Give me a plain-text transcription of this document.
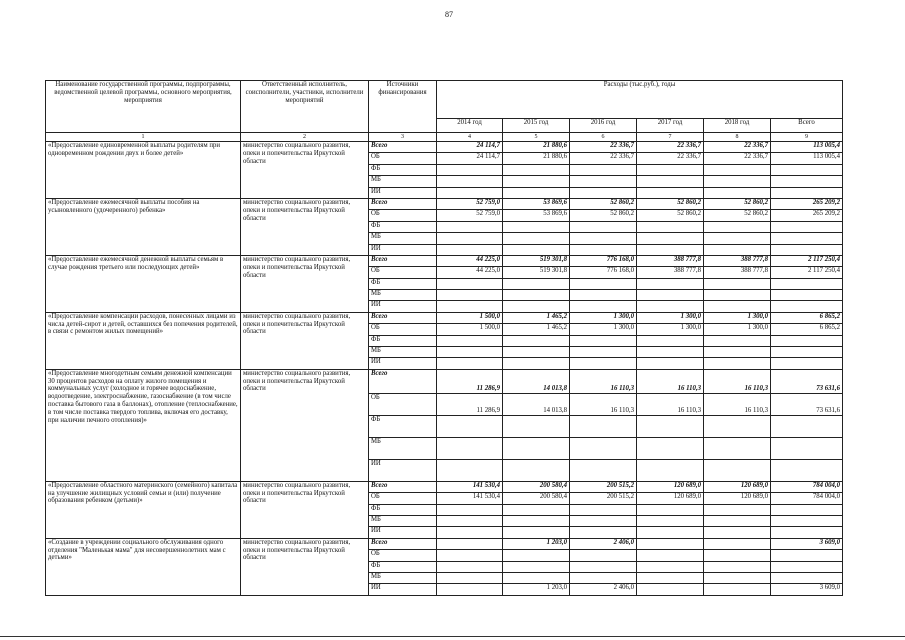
87
Наименование государственной программы, подпрограммы, ведомственной целевой программы, основного мероприятия, мероприятия	Ответственный исполнитель, соисполнители, участники, исполнители мероприятий	Источники финансирования	Расходы (тыс.руб.), годы					
			2014 год	2015 год	2016 год	2017 год	2018 год	Всего
1	2	3	4	5	6	7	8	9
«Предоставление единовременной выплаты родителям при одновременном рождении двух и более детей»	министерство социального развития, опеки и попечительства Иркутской области	Всего	24 114,7	21 880,6	22 336,7	22 336,7	22 336,7	113 005,4
		ОБ	24 114,7	21 880,6	22 336,7	22 336,7	22 336,7	113 005,4
		ФБ						
		МБ						
		ИИ						
«Предоставление ежемесячной выплаты пособия на усыновленного (удочеренного) ребенка»	министерство социального развития, опеки и попечительства Иркутской области	Всего	52 759,0	53 869,6	52 860,2	52 860,2	52 860,2	265 209,2
		ОБ	52 759,0	53 869,6	52 860,2	52 860,2	52 860,2	265 209,2
		ФБ						
		МБ						
		ИИ						
«Предоставление ежемесячной денежной выплаты семьям в случае рождения третьего или последующих детей»	министерство социального развития, опеки и попечительства Иркутской области	Всего	44 225,0	519 301,8	776 168,0	388 777,8	388 777,8	2 117 250,4
		ОБ	44 225,0	519 301,8	776 168,0	388 777,8	388 777,8	2 117 250,4
		ФБ						
		МБ						
		ИИ						
«Предоставление компенсации расходов, понесенных лицами из числа детей-сирот и детей, оставшихся без попечения родителей, в связи с ремонтом жилых помещений»	министерство социального развития, опеки и попечительства Иркутской области	Всего	1 500,0	1 465,2	1 300,0	1 300,0	1 300,0	6 865,2
		ОБ	1 500,0	1 465,2	1 300,0	1 300,0	1 300,0	6 865,2
		ФБ						
		МБ						
		ИИ						
«Предоставление многодетным семьям денежной компенсации 30 процентов расходов на оплату жилого помещения и коммунальных услуг (холодное и горячее водоснабжение, водоотведение, электроснабжение, газоснабжение (в том числе поставка бытового газа в баллонах), отопление (теплоснабжение, в том числе поставка твердого топлива, включая его доставку, при наличии печного отопления)»	министерство социального развития, опеки и попечительства Иркутской области	Всего	11 286,9	14 013,8	16 110,3	16 110,3	16 110,3	73 631,6
		ОБ	11 286,9	14 013,8	16 110,3	16 110,3	16 110,3	73 631,6
		ФБ						
		МБ						
		ИИ						
«Предоставление областного материнского (семейного) капитала на улучшение жилищных условий семьи и (или) получение образования ребенком (детьми)»	министерство социального развития, опеки и попечительства Иркутской области	Всего	141 530,4	200 580,4	200 515,2	120 689,0	120 689,0	784 004,0
		ОБ	141 530,4	200 580,4	200 515,2	120 689,0	120 689,0	784 004,0
		ФБ						
		МБ						
		ИИ						
«Создание в учреждении социального обслуживания одного отделения "Маленькая мама" для несовершеннолетних мам с детьми»	министерство социального развития, опеки и попечительства Иркутской области	Всего		1 203,0	2 406,0			3 609,0
		ОБ						
		ФБ						
		МБ						
		ИИ		1 203,0	2 406,0			3 609,0
